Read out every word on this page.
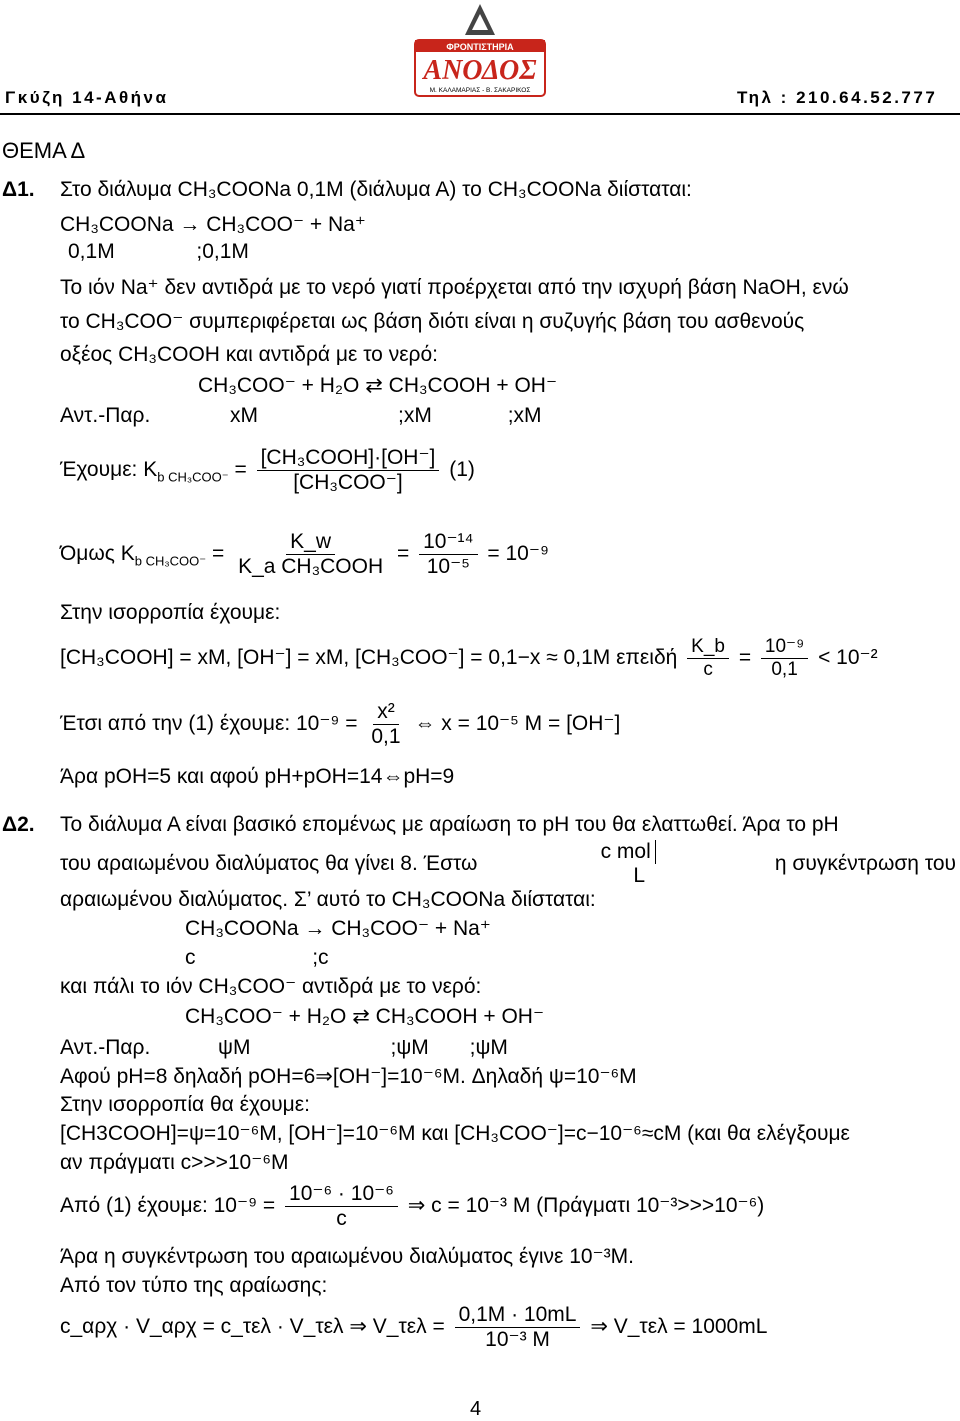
Γκύζη 14-Αθήνα	Τηλ : 210.64.52.777
ΦΡΟΝΤΙΣΤΗΡΙΑ
ΑΝΟΔΟΣ
Μ. ΚΑΛΑΜΑΡΙΑΣ - Β. ΣΑΚΑΡΙΚΟΣ
ΘΕΜΑ Δ
Δ1. Στο διάλυμα CH₃COONa 0,1M (διάλυμα Α) το CH₃COONa διίσταται:
CH₃COONa → CH₃COO⁻ + Na⁺
0,1M              ;0,1M
Το ιόν Na⁺ δεν αντιδρά με το νερό γιατί προέρχεται από την ισχυρή βάση NaOH, ενώ
το CH₃COO⁻ συμπεριφέρεται ως βάση διότι είναι η συζυγής βάση του ασθενούς
οξέος CH₃COOH και αντιδρά με το νερό:
CH₃COO⁻ + H₂O ⇄ CH₃COOH + OH⁻
Αντ.-Παρ.	xM                        ;xM             ;xM
Έχουμε: $K_{b CH_3COO^-} = \frac{\text{[CH₃COOH]·[OH⁻]}}{\text{[CH₃COO⁻]}} (1)$
Όμως $K_{b CH_3COO^-} = \frac{K\_w}{\text{K\_a CH₃COOH}} = \frac{\text{10⁻¹⁴}}{\text{10⁻⁵}} = 10^{-9}$
Στην ισορροπία έχουμε:
[CH₃COOH] = xM, [OH⁻] = xM, [CH₃COO⁻] = 0,1−x ≈ 0,1M επειδή $\frac{K\_b}{c} = \frac{\text{10⁻⁹}}{0,1} < 10^{-2}$
Έτσι από την (1) έχουμε: $10^{-9} = \frac{\text{x²}}{0,1}$ ⇔ x = 10⁻⁵ M = [OH⁻]
Άρα pOH=5 και αφού pH+pOH=14⇔pH=9
Δ2. Το διάλυμα Α είναι βασικό επομένως με αραίωση το pH του θα ελαττωθεί. Άρα το pH
του αραιωμένου διαλύματος θα γίνει 8. Έστω
c mol
L
η συγκέντρωση του
αραιωμένου διαλύματος. Σ’ αυτό το CH₃COONa διίσταται:
CH₃COONa → CH₃COO⁻ + Na⁺
c                    ;c
και πάλι το ιόν CH₃COO⁻ αντιδρά με το νερό:
CH₃COO⁻ + H₂O ⇄ CH₃COOH + OH⁻
Αντ.-Παρ.	ψM                        ;ψM       ;ψM
Αφού pH=8 δηλαδή pOH=6⇒[OH⁻]=10⁻⁶M. Δηλαδή ψ=10⁻⁶M
Στην ισορροπία θα έχουμε:
[CH3COOH]=ψ=10⁻⁶M, [OH⁻]=10⁻⁶M και [CH₃COO⁻]=c−10⁻⁶≈cM (και θα ελέγξουμε
αν πράγματι c>>>10⁻⁶M
Από (1) έχουμε: $10^{-9} = \frac{\text{10⁻⁶ · 10⁻⁶}}{c}$ ⇒ c = 10⁻³ M (Πράγματι 10⁻³>>>10⁻⁶)
Άρα η συγκέντρωση του αραιωμένου διαλύματος έγινε 10⁻³M.
Από τον τύπο της αραίωσης:
c_αρχ · V_αρχ = c_τελ · V_τελ ⇒ V_τελ = $\frac{0,1M \cdot 10mL}{\text{10⁻³ M}}$ ⇒ V_τελ = 1000mL
4
